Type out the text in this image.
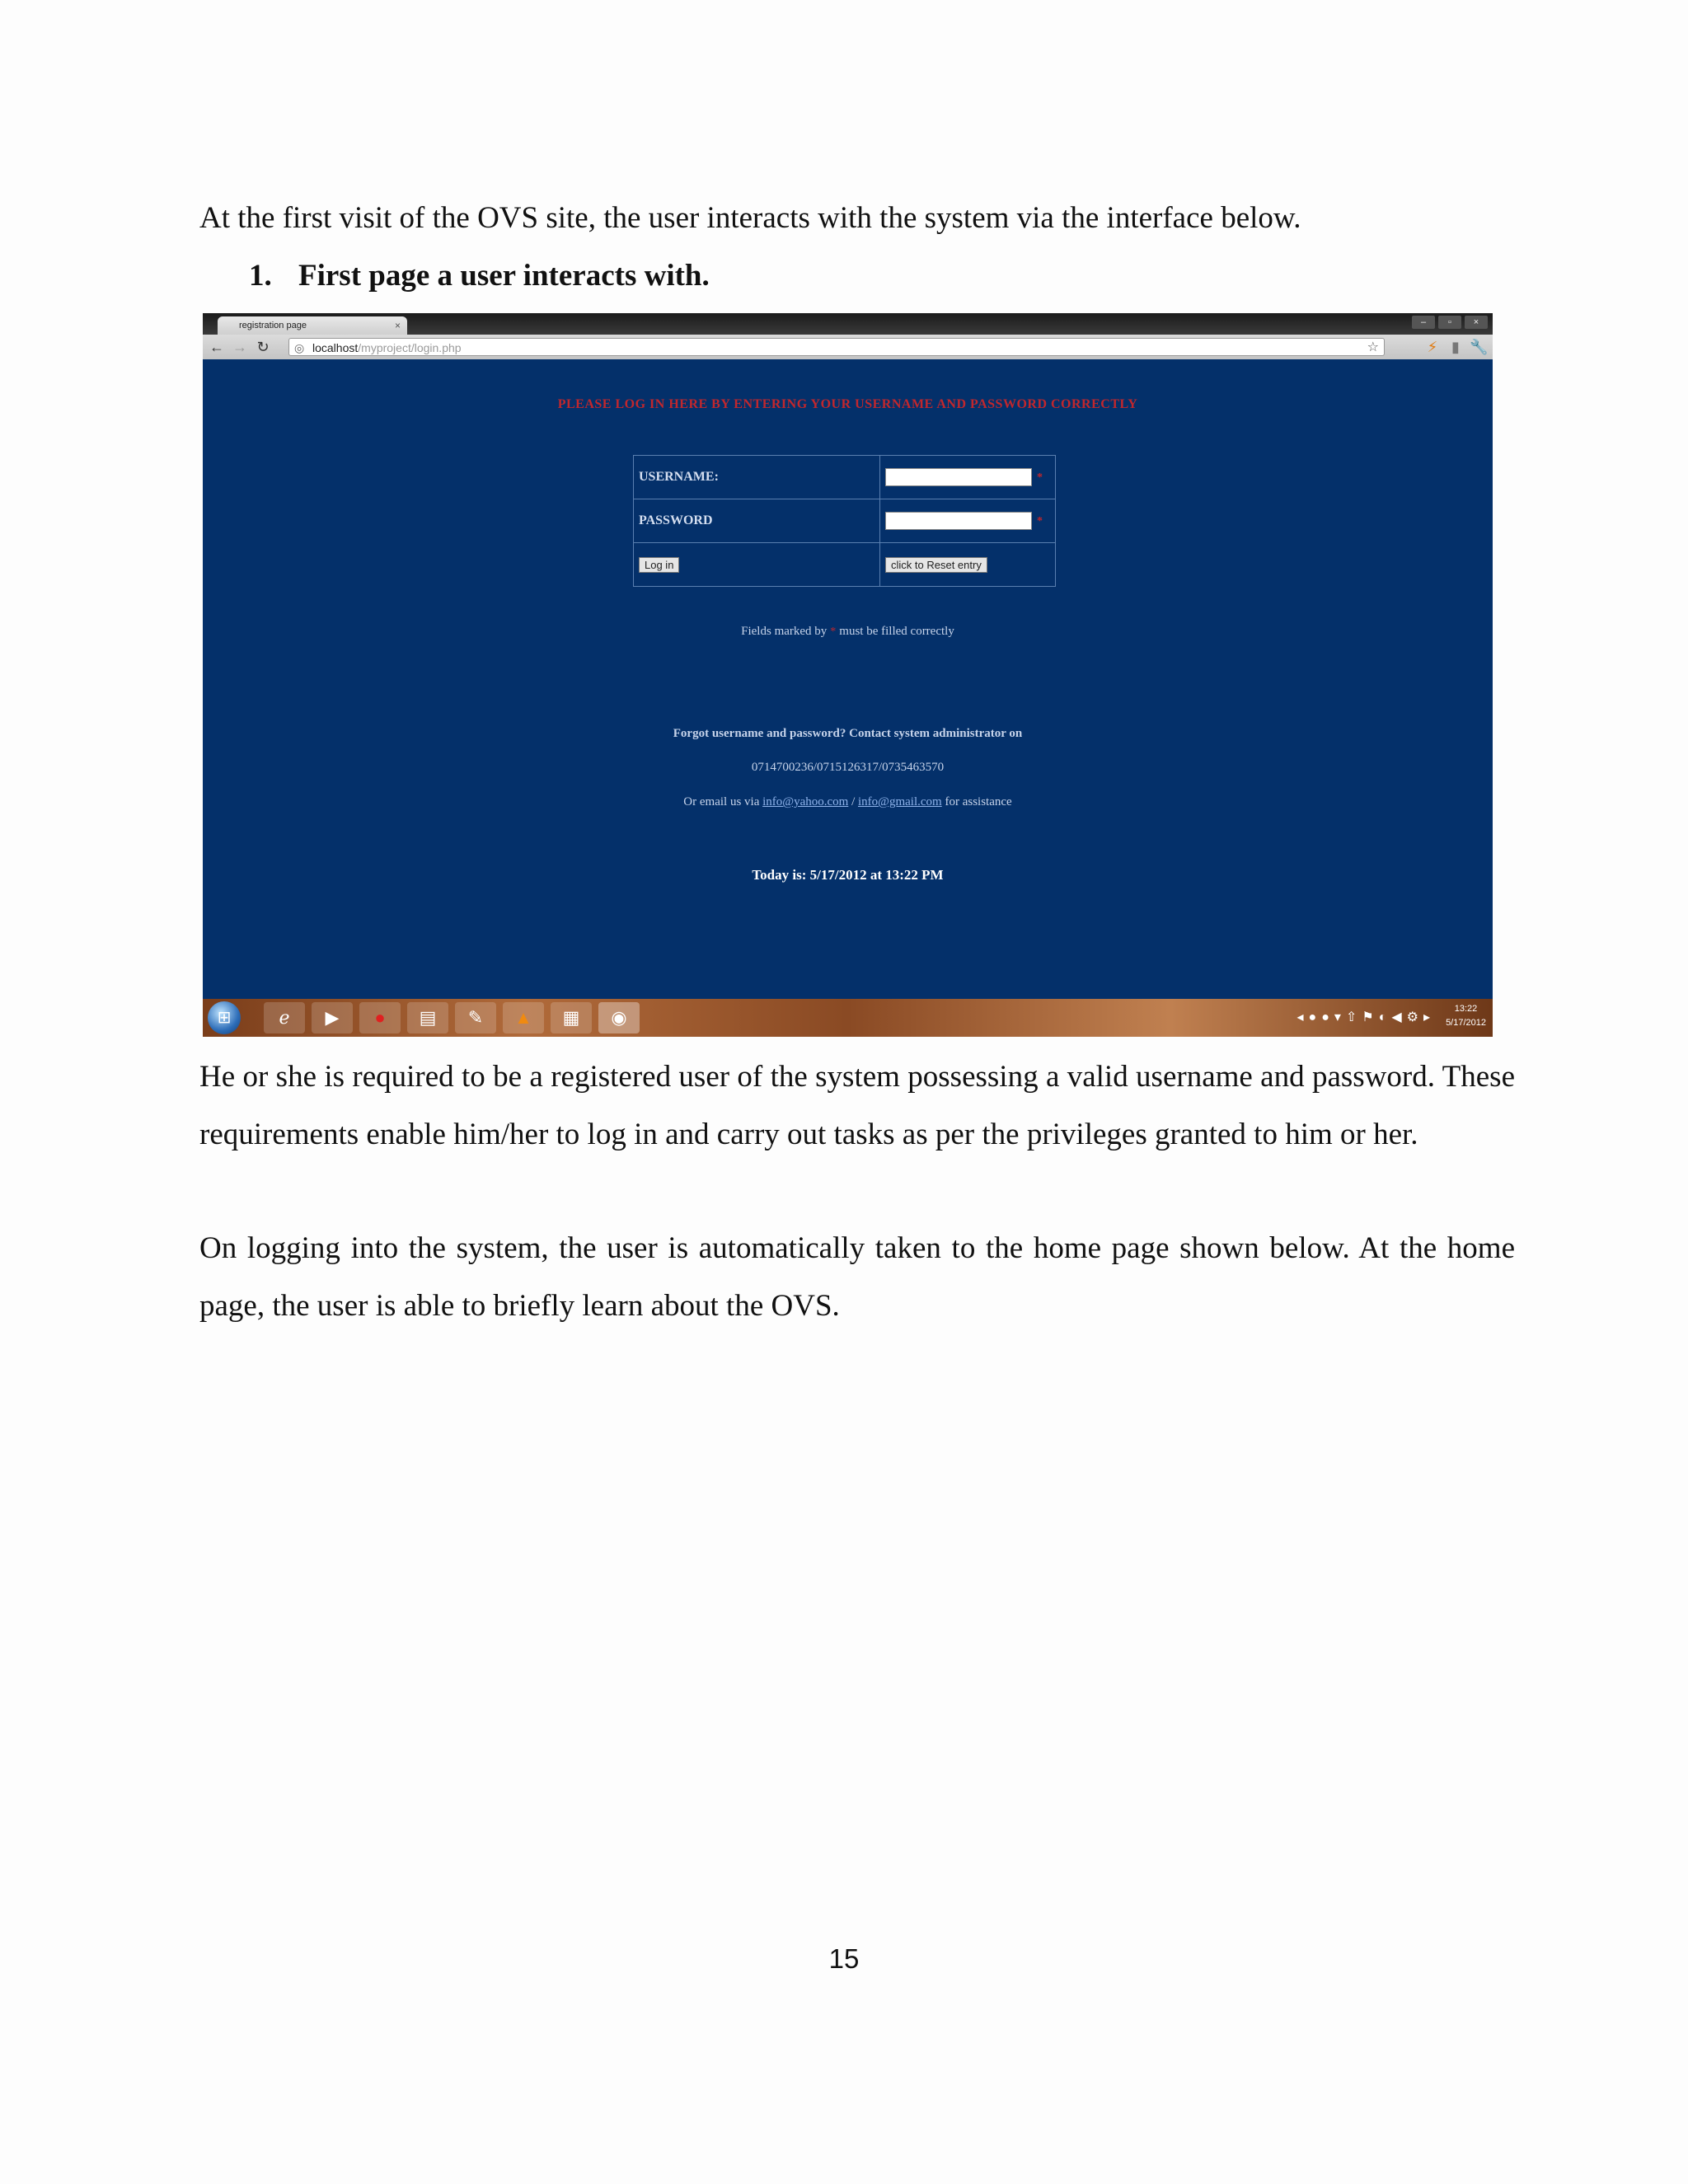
At the first visit of the OVS site, the user interacts with the system via the interface below.

1. First page a user interacts with.

registration page	×	–	▫	×
← → ↻ ◎ localhost/myproject/login.php	☆	⚡ ▮ 🔧
PLEASE LOG IN HERE BY ENTERING YOUR USERNAME AND PASSWORD CORRECTLY
USERNAME:	*
PASSWORD	*
Log in	click to Reset entry
Fields marked by * must be filled correctly
Forgot username and password? Contact system administrator on
0714700236/0715126317/0735463570
Or email us via info@yahoo.com / info@gmail.com for assistance
Today is: 5/17/2012 at 13:22 PM
⊞	ℯ	▶	●	▤	✎	▲	▦	◉	◂●●▾⇧⚑◐◀⚙▸
13:22
5/17/2012

He or she is required to be a registered user of the system possessing a valid username and password. These requirements enable him/her to log in and carry out tasks as per the privileges granted to him or her.

On logging into the system, the user is automatically taken to the home page shown below. At the home page, the user is able to briefly learn about the OVS.

15
